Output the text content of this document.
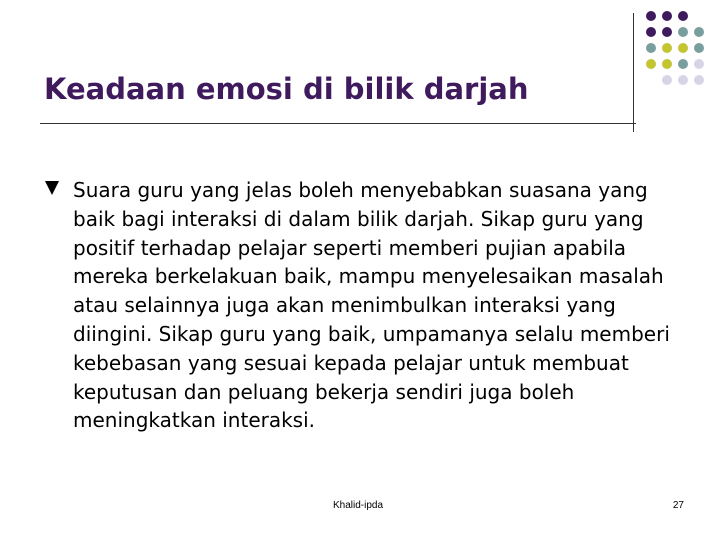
Keadaan emosi di bilik darjah

Suara guru yang jelas boleh menyebabkan suasana yang baik bagi interaksi di dalam bilik darjah. Sikap guru yang positif terhadap pelajar seperti memberi pujian apabila mereka berkelakuan baik, mampu menyelesaikan masalah atau selainnya juga akan menimbulkan interaksi yang diingini. Sikap guru yang baik, umpamanya selalu memberi kebebasan yang sesuai kepada pelajar untuk membuat keputusan dan peluang bekerja sendiri juga boleh meningkatkan interaksi.

Khalid-ipda	27
